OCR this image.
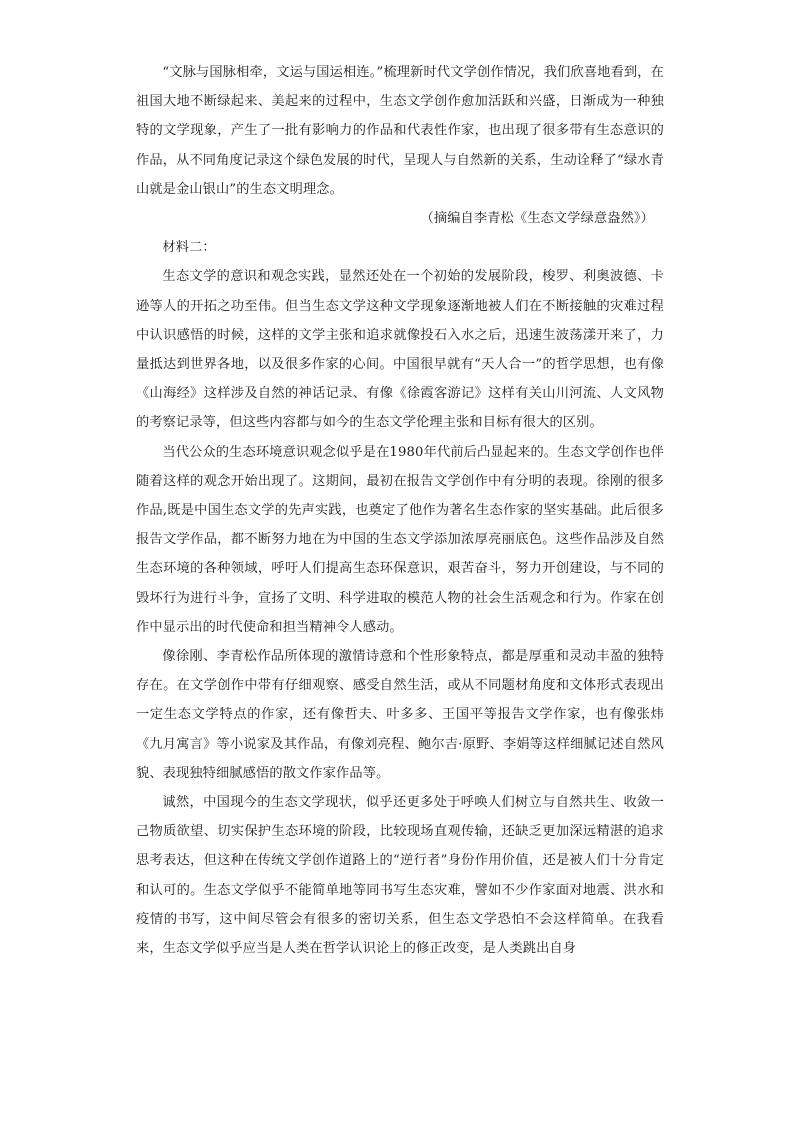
“文脉与国脉相牵，文运与国运相连。”梳理新时代文学创作情况，我们欣喜地看到，在祖国大地不断绿起来、美起来的过程中，生态文学创作愈加活跃和兴盛，日渐成为一种独特的文学现象，产生了一批有影响力的作品和代表性作家，也出现了很多带有生态意识的作品，从不同角度记录这个绿色发展的时代，呈现人与自然新的关系，生动诠释了“绿水青山就是金山银山”的生态文明理念。

（摘编自李青松《生态文学绿意盎然》）

材料二：

生态文学的意识和观念实践，显然还处在一个初始的发展阶段，梭罗、利奥波德、卡逊等人的开拓之功至伟。但当生态文学这种文学现象逐渐地被人们在不断接触的灾难过程中认识感悟的时候，这样的文学主张和追求就像投石入水之后，迅速生波荡漾开来了，力量抵达到世界各地，以及很多作家的心间。中国很早就有“天人合一”的哲学思想，也有像《山海经》这样涉及自然的神话记录、有像《徐霞客游记》这样有关山川河流、人文风物的考察记录等，但这些内容都与如今的生态文学伦理主张和目标有很大的区别。

当代公众的生态环境意识观念似乎是在1980年代前后凸显起来的。生态文学创作也伴随着这样的观念开始出现了。这期间，最初在报告文学创作中有分明的表现。徐刚的很多作品,既是中国生态文学的先声实践，也奠定了他作为著名生态作家的坚实基础。此后很多报告文学作品，都不断努力地在为中国的生态文学添加浓厚亮丽底色。这些作品涉及自然生态环境的各种领域，呼吁人们提高生态环保意识，艰苦奋斗，努力开创建设，与不同的毁坏行为进行斗争，宣扬了文明、科学进取的模范人物的社会生活观念和行为。作家在创作中显示出的时代使命和担当精神令人感动。

像徐刚、李青松作品所体现的激情诗意和个性形象特点，都是厚重和灵动丰盈的独特存在。在文学创作中带有仔细观察、感受自然生活，或从不同题材角度和文体形式表现出一定生态文学特点的作家，还有像哲夫、叶多多、王国平等报告文学作家，也有像张炜《九月寓言》等小说家及其作品，有像刘亮程、鲍尔吉·原野、李娟等这样细腻记述自然风貌、表现独特细腻感悟的散文作家作品等。

诚然，中国现今的生态文学现状，似乎还更多处于呼唤人们树立与自然共生、收敛一己物质欲望、切实保护生态环境的阶段，比较现场直观传输，还缺乏更加深远精湛的追求思考表达，但这种在传统文学创作道路上的“逆行者”身份作用价值，还是被人们十分肯定和认可的。生态文学似乎不能简单地等同书写生态灾难，譬如不少作家面对地震、洪水和疫情的书写，这中间尽管会有很多的密切关系，但生态文学恐怕不会这样简单。在我看来，生态文学似乎应当是人类在哲学认识论上的修正改变，是人类跳出自身
